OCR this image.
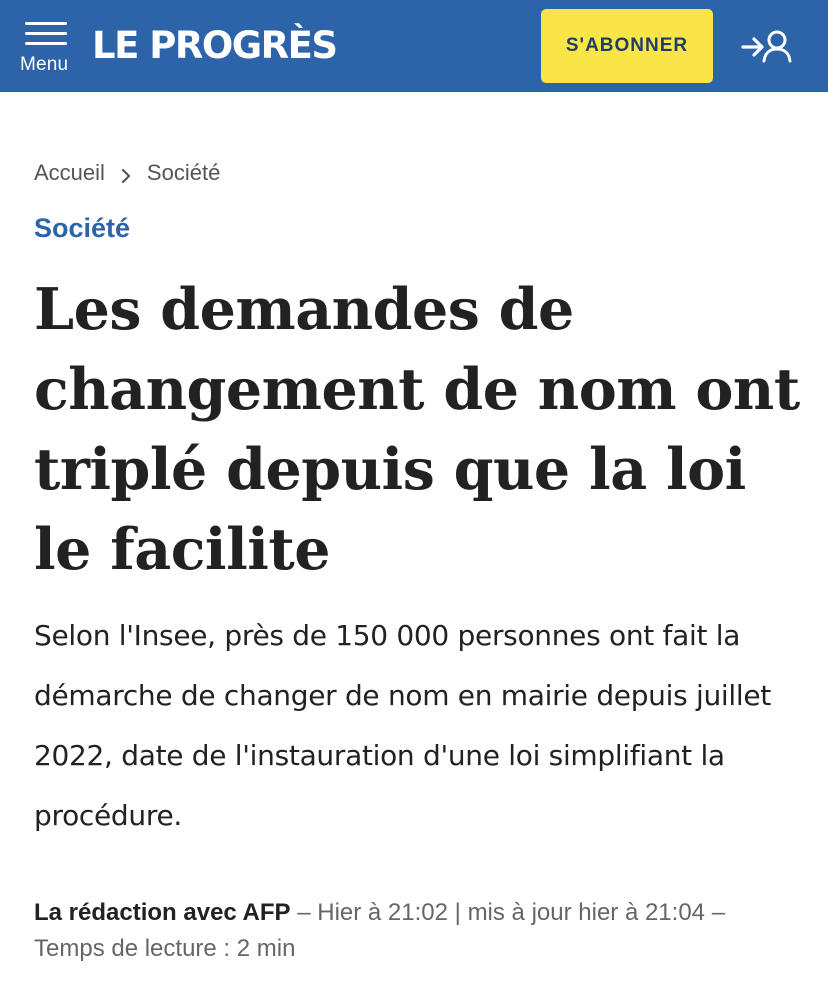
Menu LE PROGRÈS	S'ABONNER
Accueil Société
Société
Les demandes de changement de nom ont triplé depuis que la loi le facilite

Selon l'Insee, près de 150 000 personnes ont fait la démarche de changer de nom en mairie depuis juillet 2022, date de l'instauration d'une loi simplifiant la procédure.

La rédaction avec AFP – Hier à 21:02 | mis à jour hier à 21:04 –
Temps de lecture : 2 min
